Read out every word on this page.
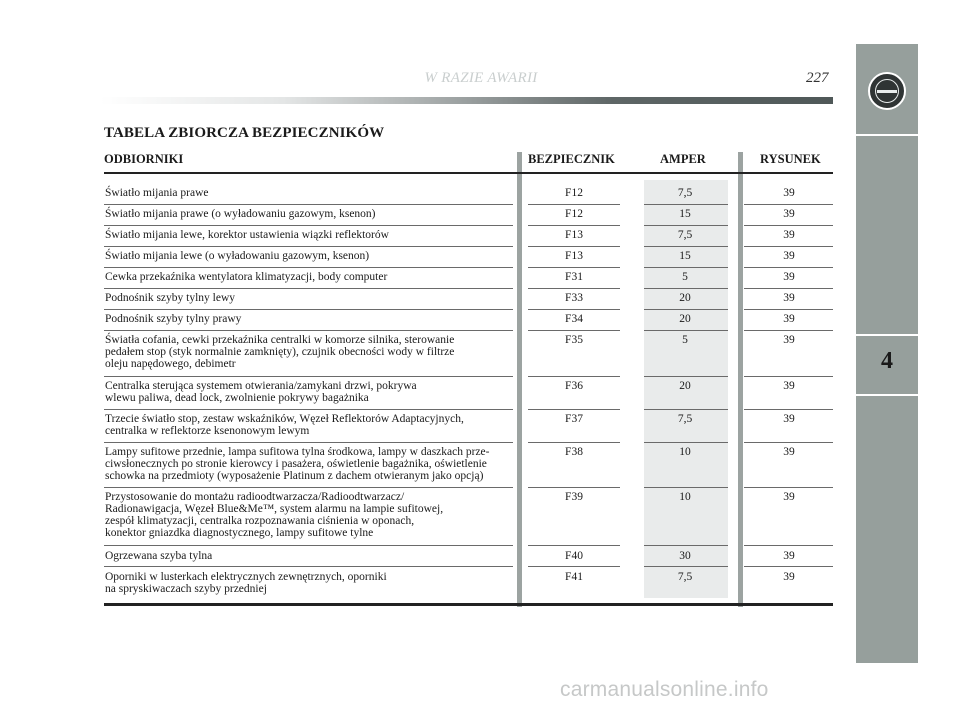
W RAZIE AWARII	227
4
TABELA ZBIORCZA BEZPIECZNIKÓW
ODBIORNIKI	BEZPIECZNIK	AMPER	RYSUNEK
Światło mijania prawe	F12	7,5	39
Światło mijania prawe (o wyładowaniu gazowym, ksenon)	F12	15	39
Światło mijania lewe, korektor ustawienia wiązki reflektorów	F13	7,5	39
Światło mijania lewe (o wyładowaniu gazowym, ksenon)	F13	15	39
Cewka przekaźnika wentylatora klimatyzacji, body computer	F31	5	39
Podnośnik szyby tylny lewy	F33	20	39
Podnośnik szyby tylny prawy	F34	20	39
Światła cofania, cewki przekaźnika centralki w komorze silnika, sterowanie
pedałem stop (styk normalnie zamknięty), czujnik obecności wody w filtrze
oleju napędowego, debimetr
F35	5	39
Centralka sterująca systemem otwierania/zamykani drzwi, pokrywa
wlewu paliwa, dead lock, zwolnienie pokrywy bagażnika
F36	20	39
Trzecie światło stop, zestaw wskaźników, Węzeł Reflektorów Adaptacyjnych,
centralka w reflektorze ksenonowym lewym
F37	7,5	39
Lampy sufitowe przednie, lampa sufitowa tylna środkowa, lampy w daszkach prze-
ciwsłonecznych po stronie kierowcy i pasażera, oświetlenie bagażnika, oświetlenie
schowka na przedmioty (wyposażenie Platinum z dachem otwieranym jako opcją)
F38	10	39
Przystosowanie do montażu radioodtwarzacza/Radioodtwarzacz/
Radionawigacja, Węzeł Blue&Me™, system alarmu na lampie sufitowej,
zespół klimatyzacji, centralka rozpoznawania ciśnienia w oponach,
konektor gniazdka diagnostycznego, lampy sufitowe tylne
F39	10	39
Ogrzewana szyba tylna	F40	30	39
Oporniki w lusterkach elektrycznych zewnętrznych, oporniki
na spryskiwaczach szyby przedniej
F41	7,5	39
carmanualsonline.info
